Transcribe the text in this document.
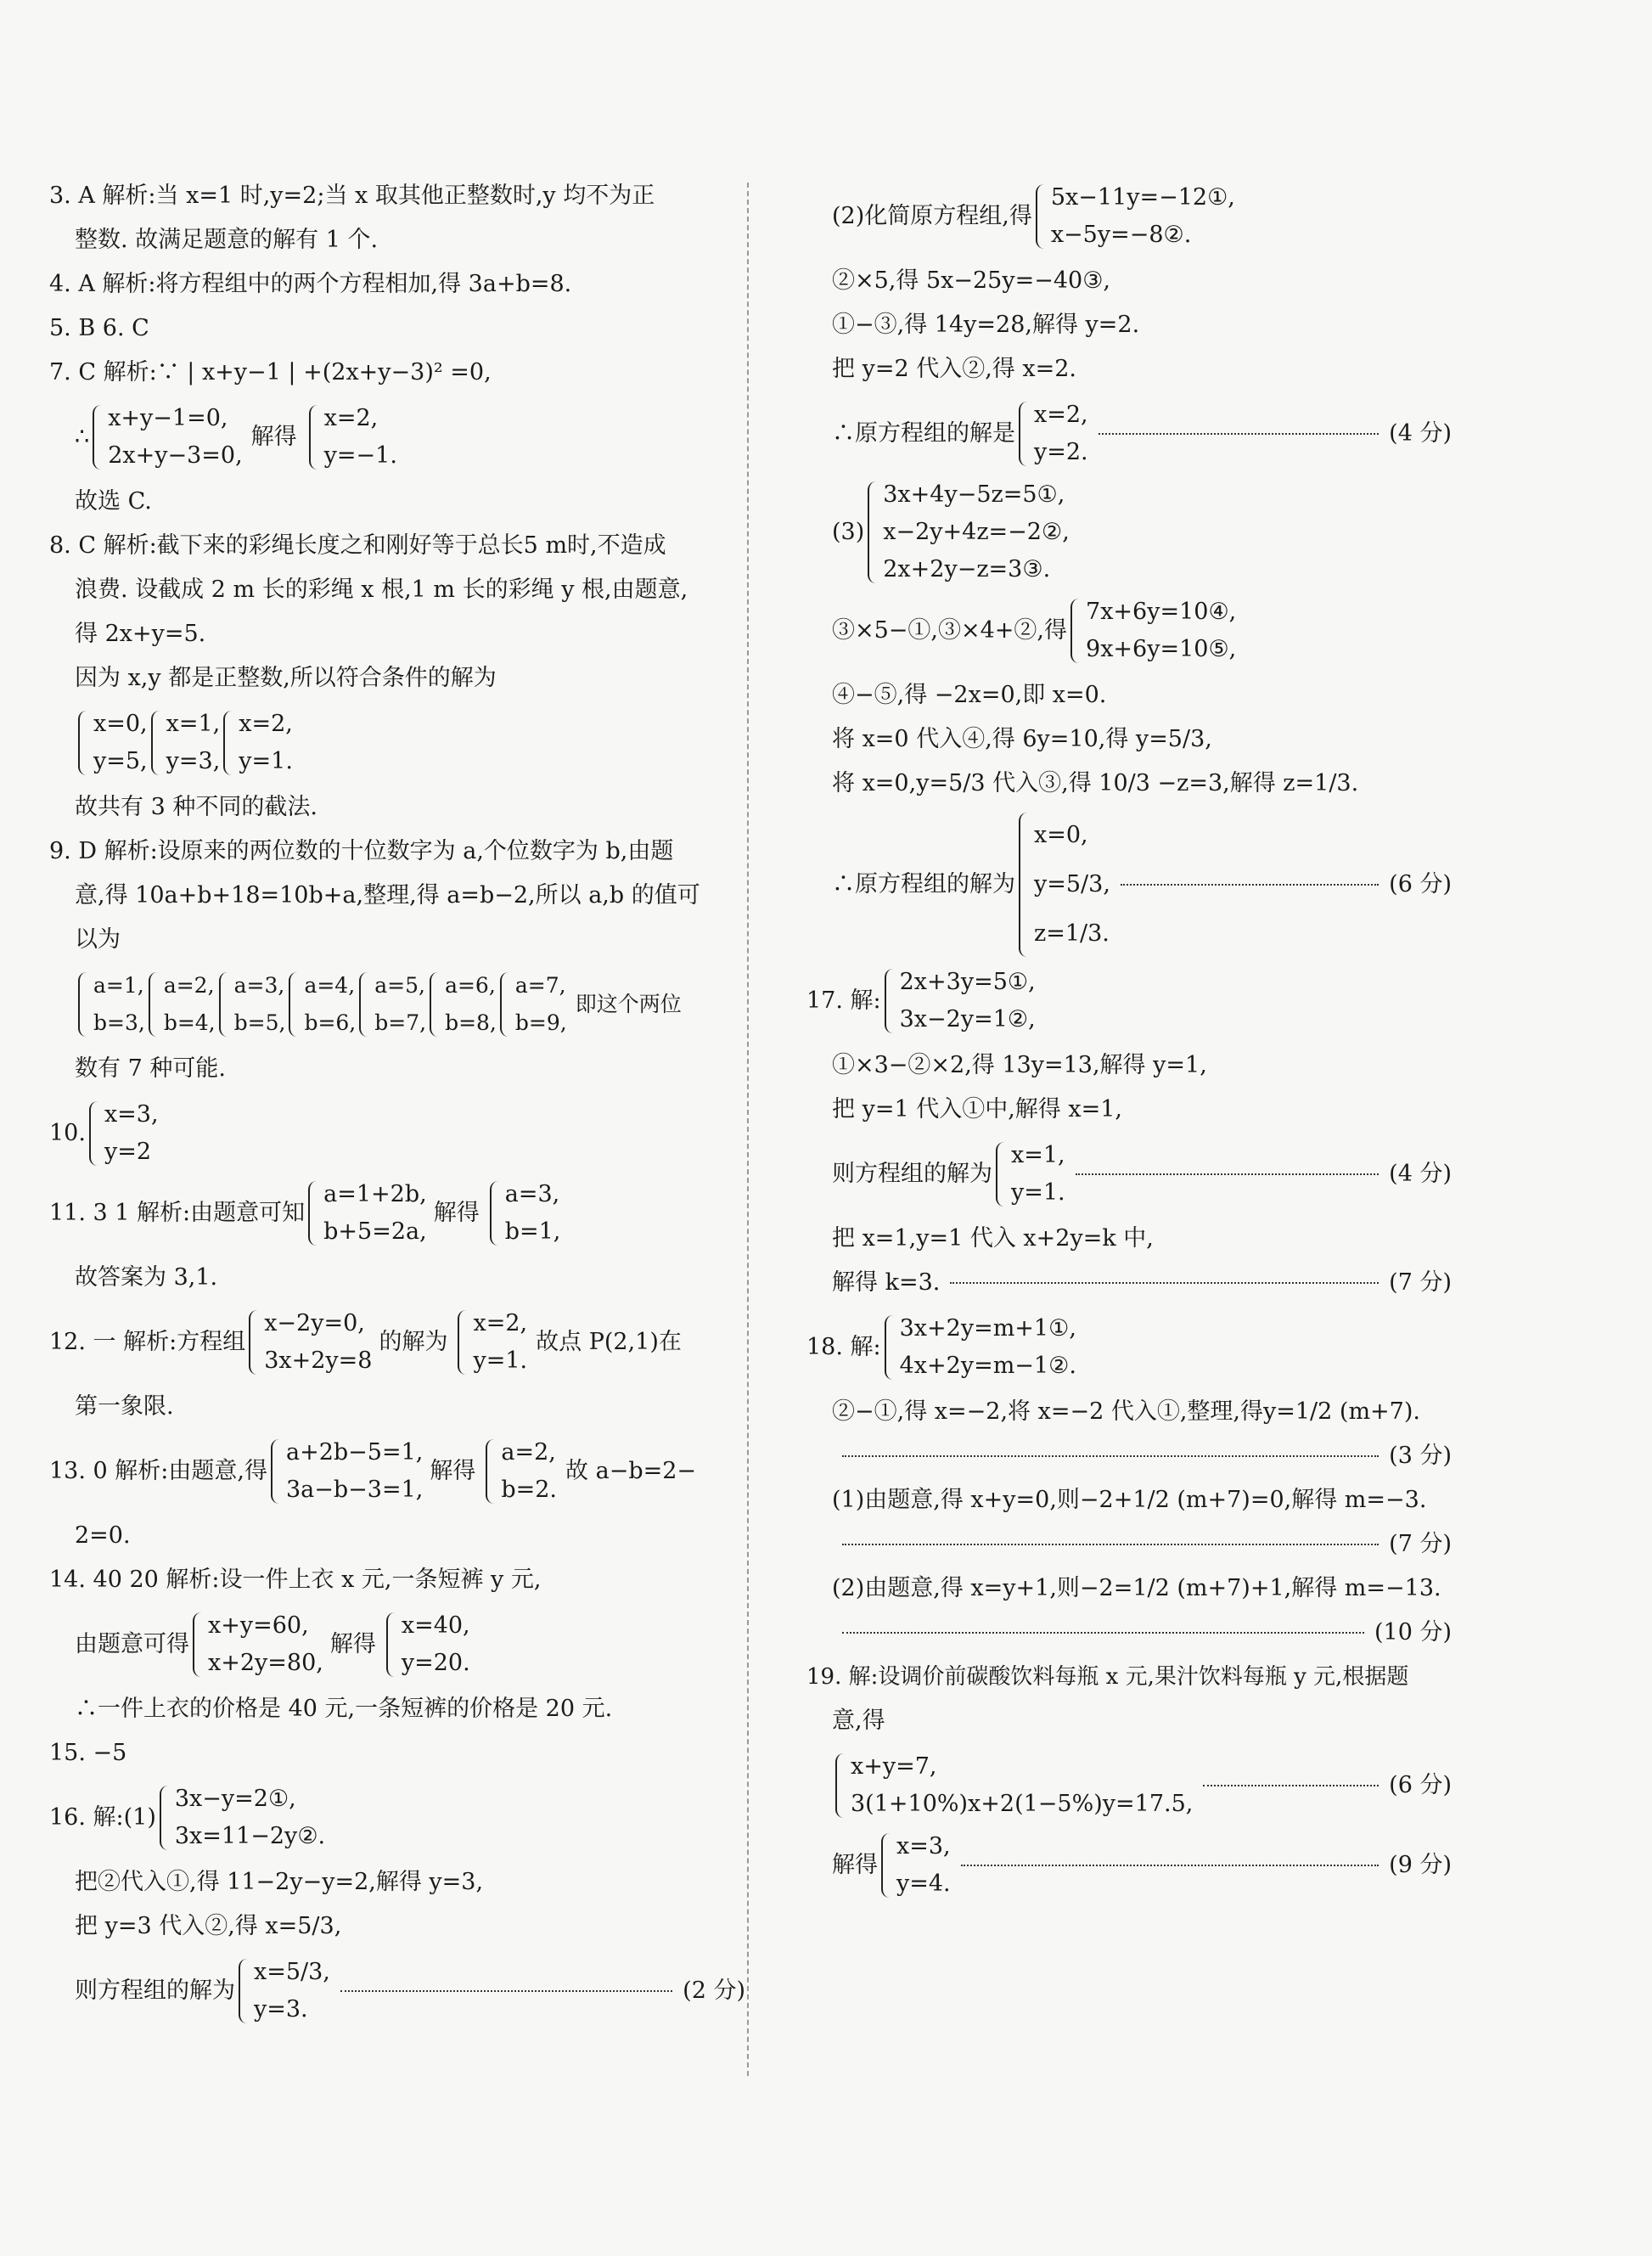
3. A 解析:当 x=1 时,y=2;当 x 取其他正整数时,y 均不为正

整数. 故满足题意的解有 1 个.

4. A 解析:将方程组中的两个方程相加,得 3a+b=8.

5. B 6. C

7. C 解析:∵ | x+y−1 | +(2x+y−3)² =0,

∴
x+y−1=0,
2x+y−3=0,
解得
x=2,
y=−1.

故选 C.

8. C 解析:截下来的彩绳长度之和刚好等于总长5 m时,不造成

浪费. 设截成 2 m 长的彩绳 x 根,1 m 长的彩绳 y 根,由题意,

得 2x+y=5.

因为 x,y 都是正整数,所以符合条件的解为

x=0,
y=5,
x=1,
y=3,
x=2,
y=1.

故共有 3 种不同的截法.

9. D 解析:设原来的两位数的十位数字为 a,个位数字为 b,由题

意,得 10a+b+18=10b+a,整理,得 a=b−2,所以 a,b 的值可

以为

a=1,
b=3,
a=2,
b=4,
a=3,
b=5,
a=4,
b=6,
a=5,
b=7,
a=6,
b=8,
a=7,
b=9,
即这个两位

数有 7 种可能.

10.
x=3,
y=2
11. 3 1 解析:由题意可知
a=1+2b,
b+5=2a,
解得
a=3,
b=1,

故答案为 3,1.

12. 一 解析:方程组
x−2y=0,
3x+2y=8
的解为
x=2,
y=1.
故点 P(2,1)在

第一象限.

13. 0 解析:由题意,得
a+2b−5=1,
3a−b−3=1,
解得
a=2,
b=2.
故 a−b=2−

2=0.

14. 40 20 解析:设一件上衣 x 元,一条短裤 y 元,

由题意可得
x+y=60,
x+2y=80,
解得
x=40,
y=20.

∴一件上衣的价格是 40 元,一条短裤的价格是 20 元.

15. −5

16. 解:(1)
3x−y=2①,
3x=11−2y②.

把②代入①,得 11−2y−y=2,解得 y=3,

把 y=3 代入②,得 x=5/3,

则方程组的解为
x=5/3,
y=3.
(2 分)
(2)化简原方程组,得
5x−11y=−12①,
x−5y=−8②.

②×5,得 5x−25y=−40③,

①−③,得 14y=28,解得 y=2.

把 y=2 代入②,得 x=2.

∴原方程组的解是
x=2,
y=2.
(4 分)
(3)
3x+4y−5z=5①,
x−2y+4z=−2②,
2x+2y−z=3③.
③×5−①,③×4+②,得
7x+6y=10④,
9x+6y=10⑤,

④−⑤,得 −2x=0,即 x=0.

将 x=0 代入④,得 6y=10,得 y=5/3,

将 x=0,y=5/3 代入③,得 10/3 −z=3,解得 z=1/3.

∴原方程组的解为
x=0,
y=5/3,
z=1/3.
(6 分)
17. 解:
2x+3y=5①,
3x−2y=1②,

①×3−②×2,得 13y=13,解得 y=1,

把 y=1 代入①中,解得 x=1,

则方程组的解为
x=1,
y=1.
(4 分)

把 x=1,y=1 代入 x+2y=k 中,

解得 k=3.	(7 分)
18. 解:
3x+2y=m+1①,
4x+2y=m−1②.

②−①,得 x=−2,将 x=−2 代入①,整理,得y=1/2 (m+7).

(3 分)

(1)由题意,得 x+y=0,则−2+1/2 (m+7)=0,解得 m=−3.

(7 分)

(2)由题意,得 x=y+1,则−2=1/2 (m+7)+1,解得 m=−13.

(10 分)

19. 解:设调价前碳酸饮料每瓶 x 元,果汁饮料每瓶 y 元,根据题

意,得

x+y=7,
3(1+10%)x+2(1−5%)y=17.5,
(6 分)
解得
x=3,
y=4.
(9 分)
